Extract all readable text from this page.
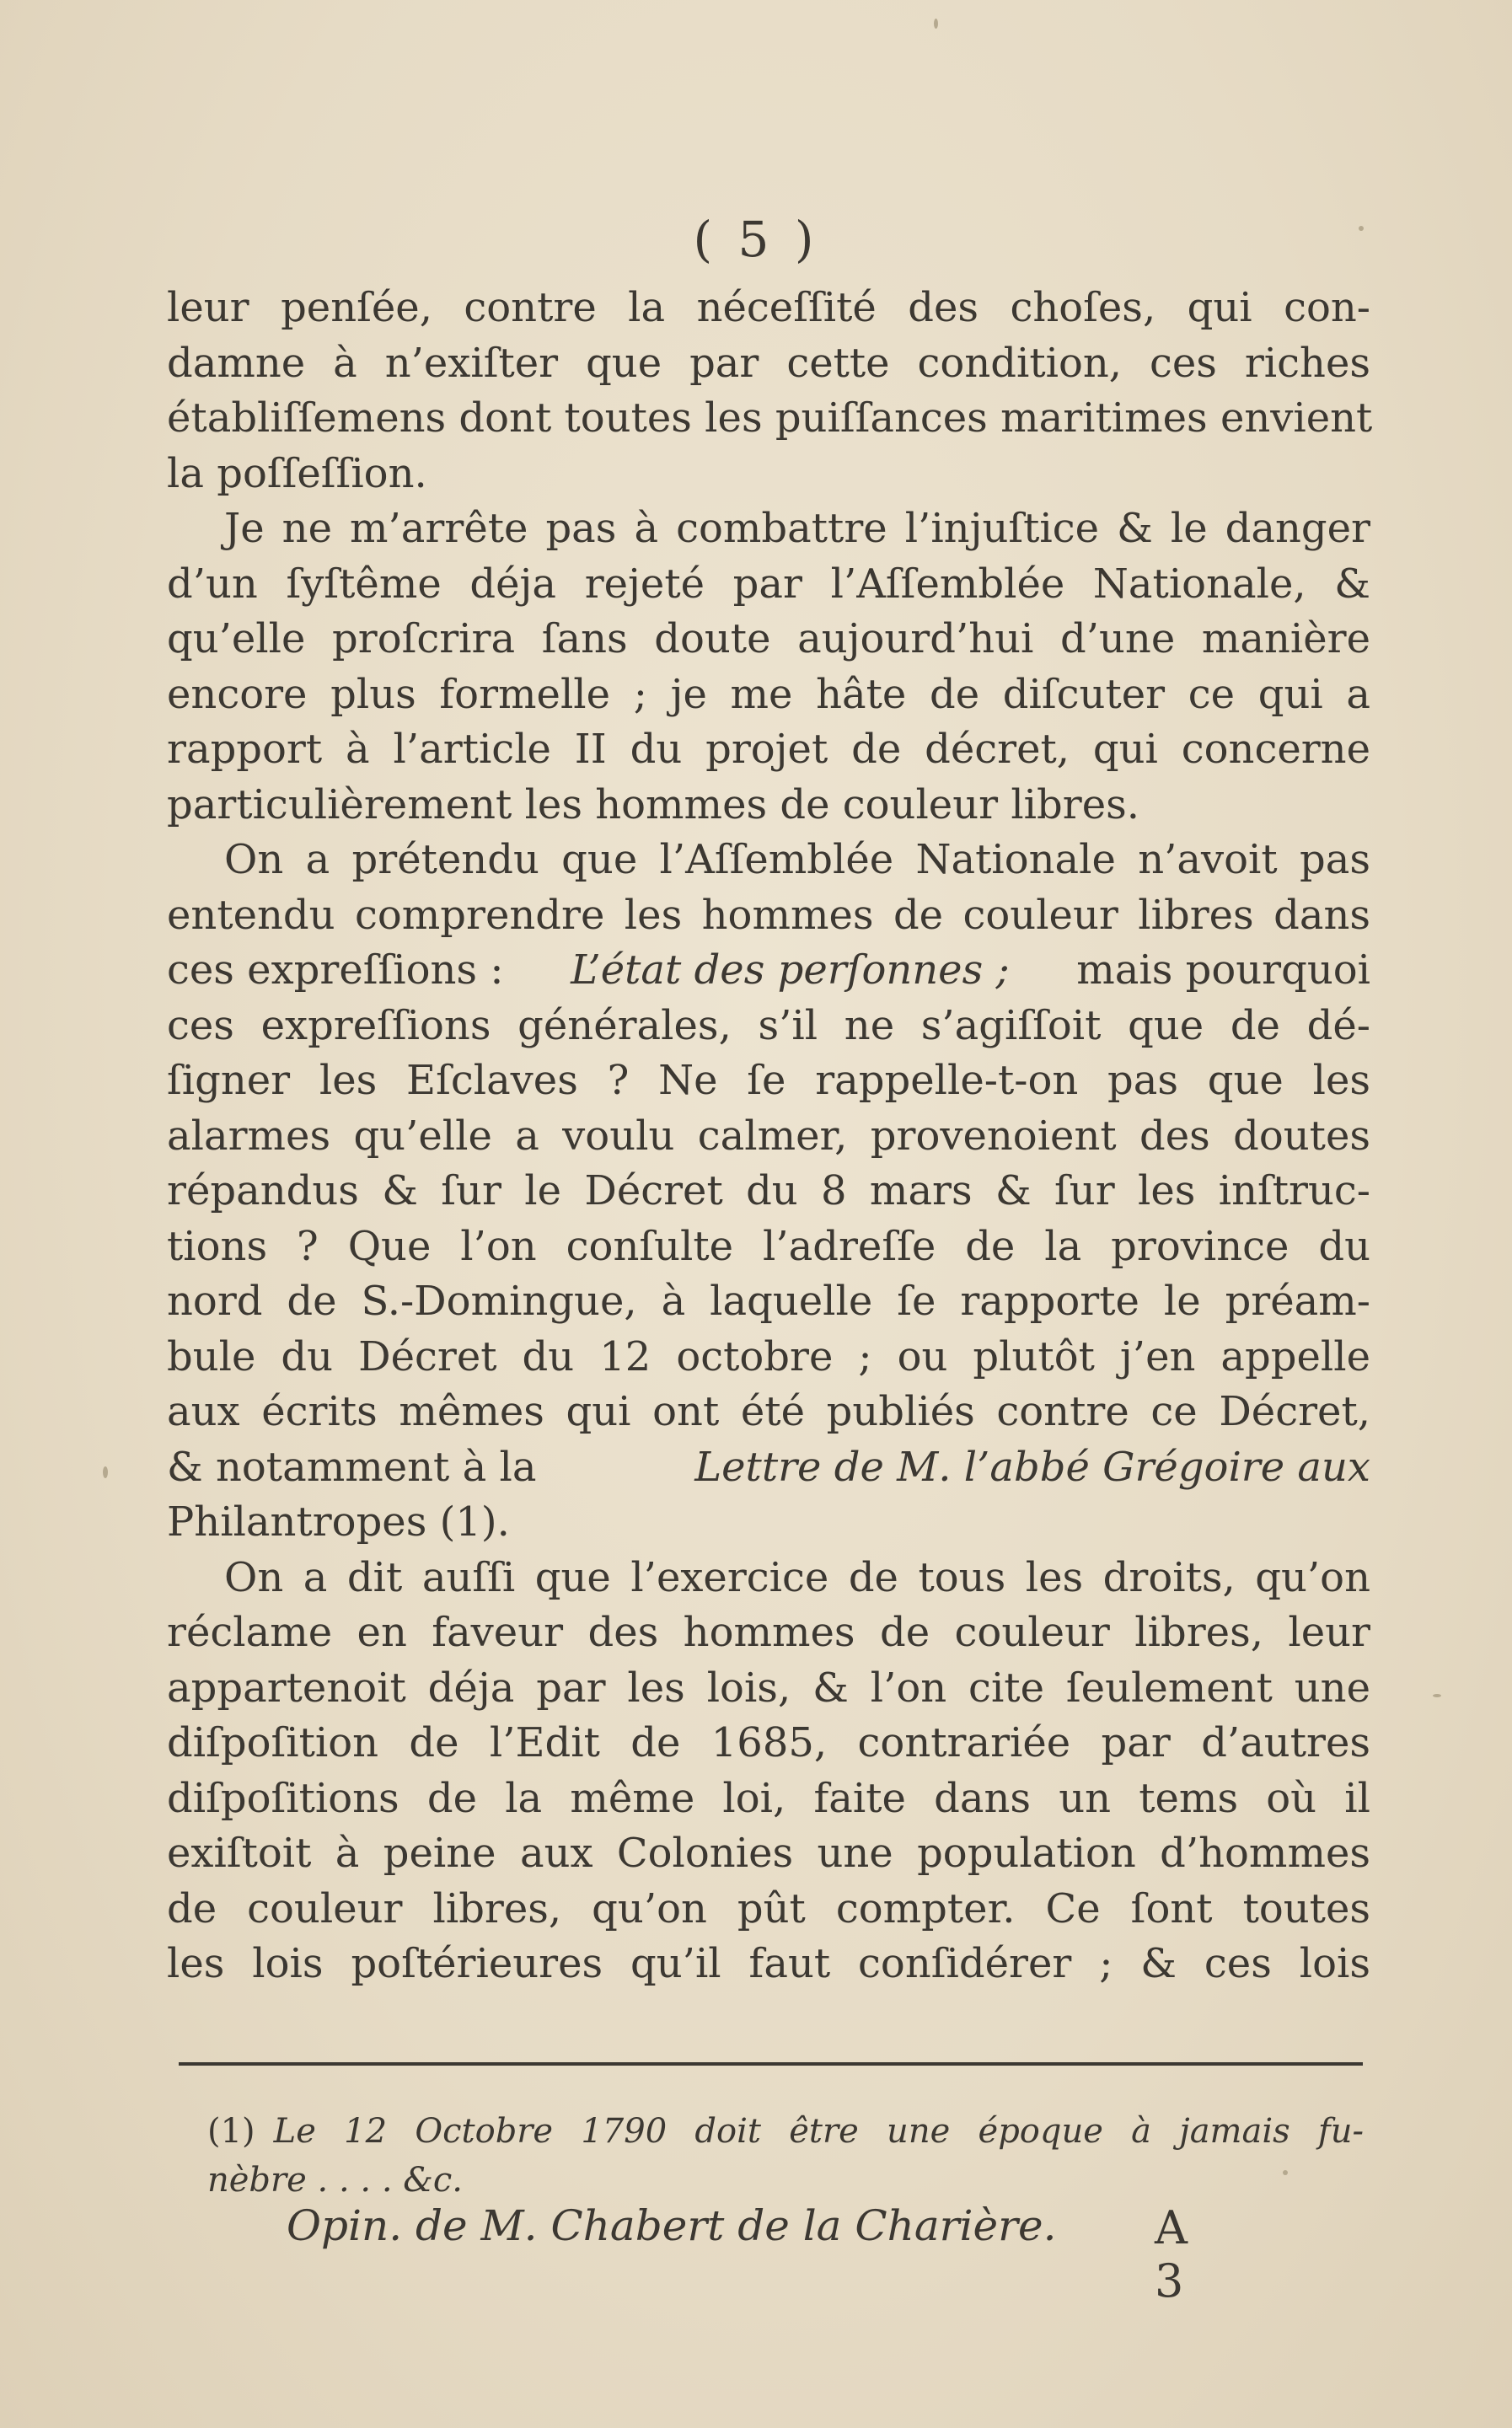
( 5 )
leur penſée, contre la néceſſité des choſes, qui con-
damne à n’exiſter que par cette condition, ces riches
établiſſemens dont toutes les puiſſances maritimes envient
la poſſeſſion.
Je ne m’arrête pas à combattre l’injuſtice & le danger
d’un ſyſtême déja rejeté par l’Aſſemblée Nationale, &
qu’elle proſcrira ſans doute aujourd’hui d’une manière
encore plus formelle ; je me hâte de diſcuter ce qui a
rapport à l’article II du projet de décret, qui concerne
particulièrement les hommes de couleur libres.
On a prétendu que l’Aſſemblée Nationale n’avoit pas
entendu comprendre les hommes de couleur libres dans
ces expreſſions : L’état des perſonnes ; mais pourquoi
ces expreſſions générales, s’il ne s’agiſſoit que de dé-
ſigner les Eſclaves ? Ne ſe rappelle-t-on pas que les
alarmes qu’elle a voulu calmer, provenoient des doutes
répandus & ſur le Décret du 8 mars & ſur les inſtruc-
tions ? Que l’on conſulte l’adreſſe de la province du
nord de S.-Domingue, à laquelle ſe rapporte le préam-
bule du Décret du 12 octobre ; ou plutôt j’en appelle
aux écrits mêmes qui ont été publiés contre ce Décret,
& notamment à la	Lettre de M. l’abbé Grégoire aux
Philantropes (1).
On a dit auſſi que l’exercice de tous les droits, qu’on
réclame en faveur des hommes de couleur libres, leur
appartenoit déja par les lois, & l’on cite ſeulement une
diſpoſition de l’Edit de 1685, contrariée par d’autres
diſpoſitions de la même loi, faite dans un tems où il
exiſtoit à peine aux Colonies une population d’hommes
de couleur libres, qu’on pût compter. Ce ſont toutes
les lois poſtérieures qu’il faut conſidérer ; & ces lois
(1) Le 12 Octobre 1790 doit être une époque à jamais fu-
nèbre . . . . &c.
Opin. de M. Chabert de la Charière. A 3
